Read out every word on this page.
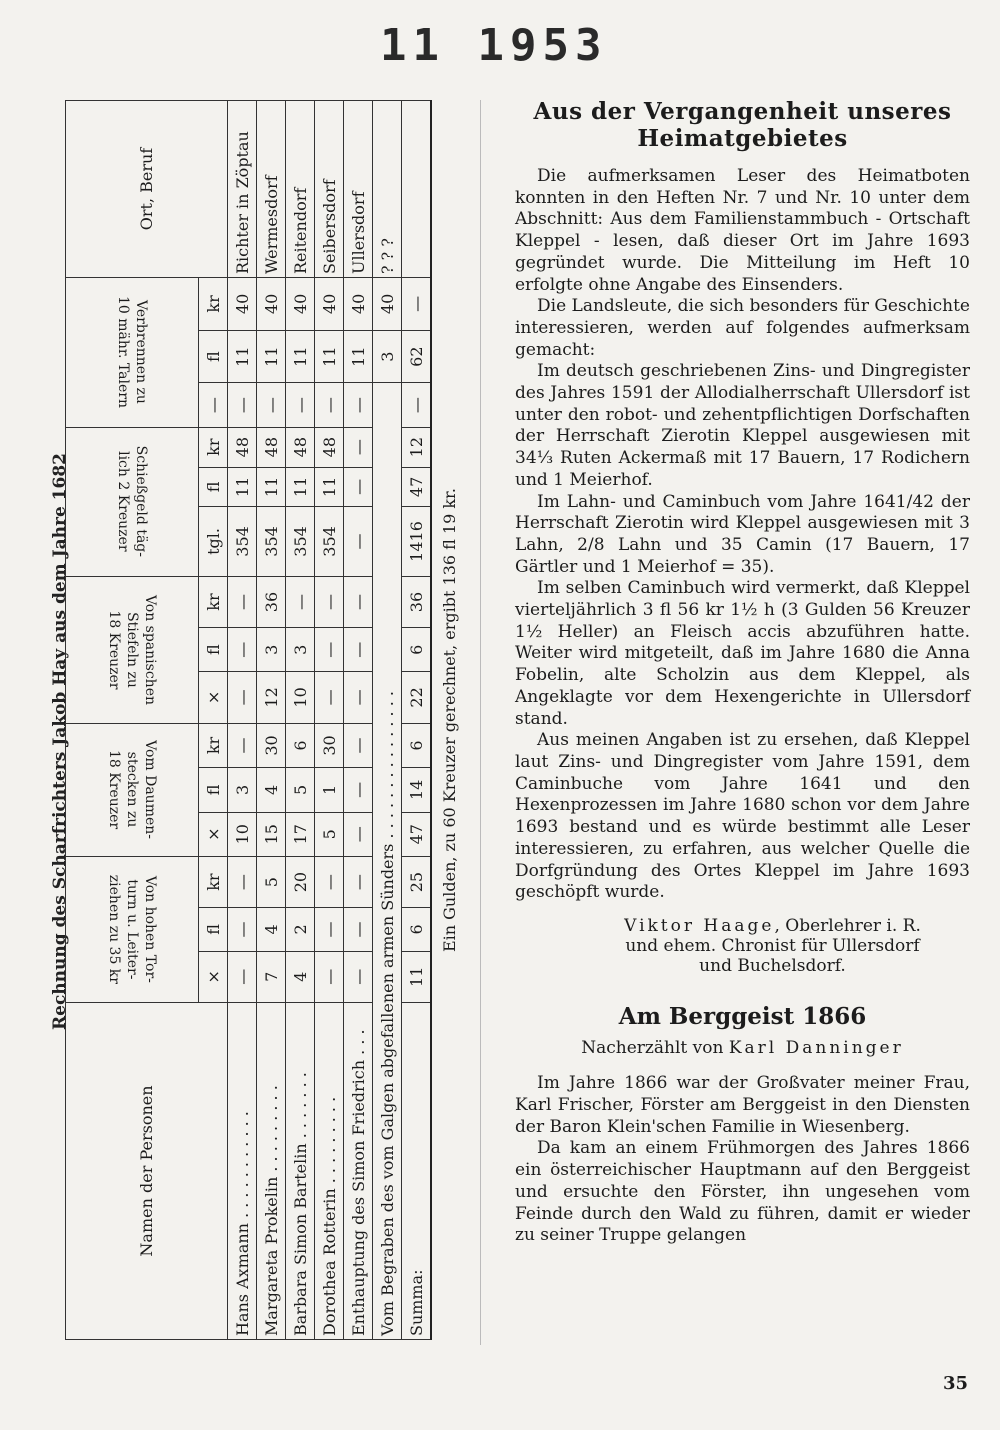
11 1953
Rechnung des Scharfrichters Jakob Hay aus dem Jahre 1682
Namen der Personen	Von hohen Tor-
turn u. Leiter-
ziehen zu 35 kr			Vom Daumen-
stecken zu
18 Kreuzer			Von spanischen
Stiefeln zu
18 Kreuzer			Schießgeld täg-
lich 2 Kreuzer			Verbrennen zu
10 mähr. Talern			Ort, Beruf
	×	fl	kr	×	fl	kr	×	fl	kr	tgl.	fl	kr	—	fl	kr	
Hans Axmann . . . . . . . . . . .	—	—	—	10	3	—	—	—	—	354	11	48	—	11	40	Richter in Zöptau
Margareta Prokelin . . . . . . . . .	7	4	5	15	4	30	12	3	36	354	11	48	—	11	40	Wermesdorf
Barbara Simon Bartelin . . . . . . .	4	2	20	17	5	6	10	3	—	354	11	48	—	11	40	Reitendorf
Dorothea Rotterin . . . . . . . . .	—	—	—	5	1	30	—	—	—	354	11	48	—	11	40	Seibersdorf
Enthauptung des Simon Friedrich . . .	—	—	—	—	—	—	—	—	—	—	—	—	—	11	40	Ullersdorf
Vom Begraben des vom Galgen abgefallenen armen Sünders . . . . . . . . . . . . . . .														3	40	? ? ?
Summa:	11	6	25	47	14	6	22	6	36	1416	47	12	—	62	—	
Ein Gulden, zu 60 Kreuzer gerechnet, ergibt 136 fl 19 kr.																
Aus der Vergangenheit unseres Heimatgebietes

Die aufmerksamen Leser des Heimatboten konnten in den Heften Nr. 7 und Nr. 10 unter dem Abschnitt: Aus dem Familienstammbuch - Ortschaft Kleppel - lesen, daß dieser Ort im Jahre 1693 gegründet wurde. Die Mitteilung im Heft 10 erfolgte ohne Angabe des Einsenders.

Die Landsleute, die sich besonders für Geschichte interessieren, werden auf folgendes aufmerksam gemacht:

Im deutsch geschriebenen Zins- und Dingregister des Jahres 1591 der Allodialherrschaft Ullersdorf ist unter den robot- und zehentpflichtigen Dorfschaften der Herrschaft Zierotin Kleppel ausgewiesen mit 34⅓ Ruten Ackermaß mit 17 Bauern, 17 Rodichern und 1 Meierhof.

Im Lahn- und Caminbuch vom Jahre 1641/42 der Herrschaft Zierotin wird Kleppel ausgewiesen mit 3 Lahn, 2/8 Lahn und 35 Camin (17 Bauern, 17 Gärtler und 1 Meierhof = 35).

Im selben Caminbuch wird vermerkt, daß Kleppel vierteljährlich 3 fl 56 kr 1½ h (3 Gulden 56 Kreuzer 1½ Heller) an Fleisch accis abzuführen hatte. Weiter wird mitgeteilt, daß im Jahre 1680 die Anna Fobelin, alte Scholzin aus dem Kleppel, als Angeklagte vor dem Hexengerichte in Ullersdorf stand.

Aus meinen Angaben ist zu ersehen, daß Kleppel laut Zins- und Dingregister vom Jahre 1591, dem Caminbuche vom Jahre 1641 und den Hexenprozessen im Jahre 1680 schon vor dem Jahre 1693 bestand und es würde bestimmt alle Leser interessieren, zu erfahren, aus welcher Quelle die Dorfgründung des Ortes Kleppel im Jahre 1693 geschöpft wurde.

Viktor Haage, Oberlehrer i. R.
und ehem. Chronist für Ullersdorf
und Buchelsdorf.
Am Berggeist 1866
Nacherzählt von Karl Danninger

Im Jahre 1866 war der Großvater meiner Frau, Karl Frischer, Förster am Berggeist in den Diensten der Baron Klein'schen Familie in Wiesenberg.

Da kam an einem Frühmorgen des Jahres 1866 ein österreichischer Hauptmann auf den Berggeist und ersuchte den Förster, ihn ungesehen vom Feinde durch den Wald zu führen, damit er wieder zu seiner Truppe gelangen

35
